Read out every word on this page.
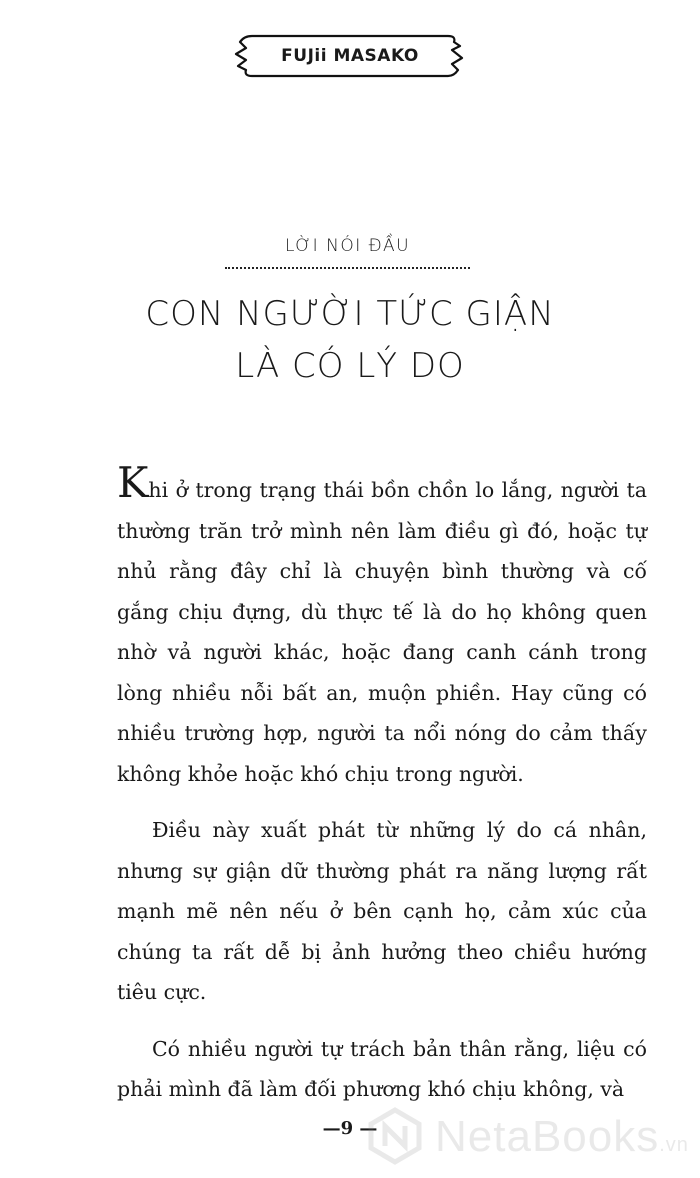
FUJii MASAKO
LỜI NÓI ĐẦU
CON NGƯỜI TỨC GIẬN
LÀ CÓ LÝ DO

Khi ở trong trạng thái bồn chồn lo lắng, người ta thường trăn trở mình nên làm điều gì đó, hoặc tự nhủ rằng đây chỉ là chuyện bình thường và cố gắng chịu đựng, dù thực tế là do họ không quen nhờ vả người khác, hoặc đang canh cánh trong lòng nhiều nỗi bất an, muộn phiền. Hay cũng có nhiều trường hợp, người ta nổi nóng do cảm thấy không khỏe hoặc khó chịu trong người.

Điều này xuất phát từ những lý do cá nhân, nhưng sự giận dữ thường phát ra năng lượng rất mạnh mẽ nên nếu ở bên cạnh họ, cảm xúc của chúng ta rất dễ bị ảnh hưởng theo chiều hướng tiêu cực.

Có nhiều người tự trách bản thân rằng, liệu có phải mình đã làm đối phương khó chịu không, và

—9 —	NetaBooks.vn
